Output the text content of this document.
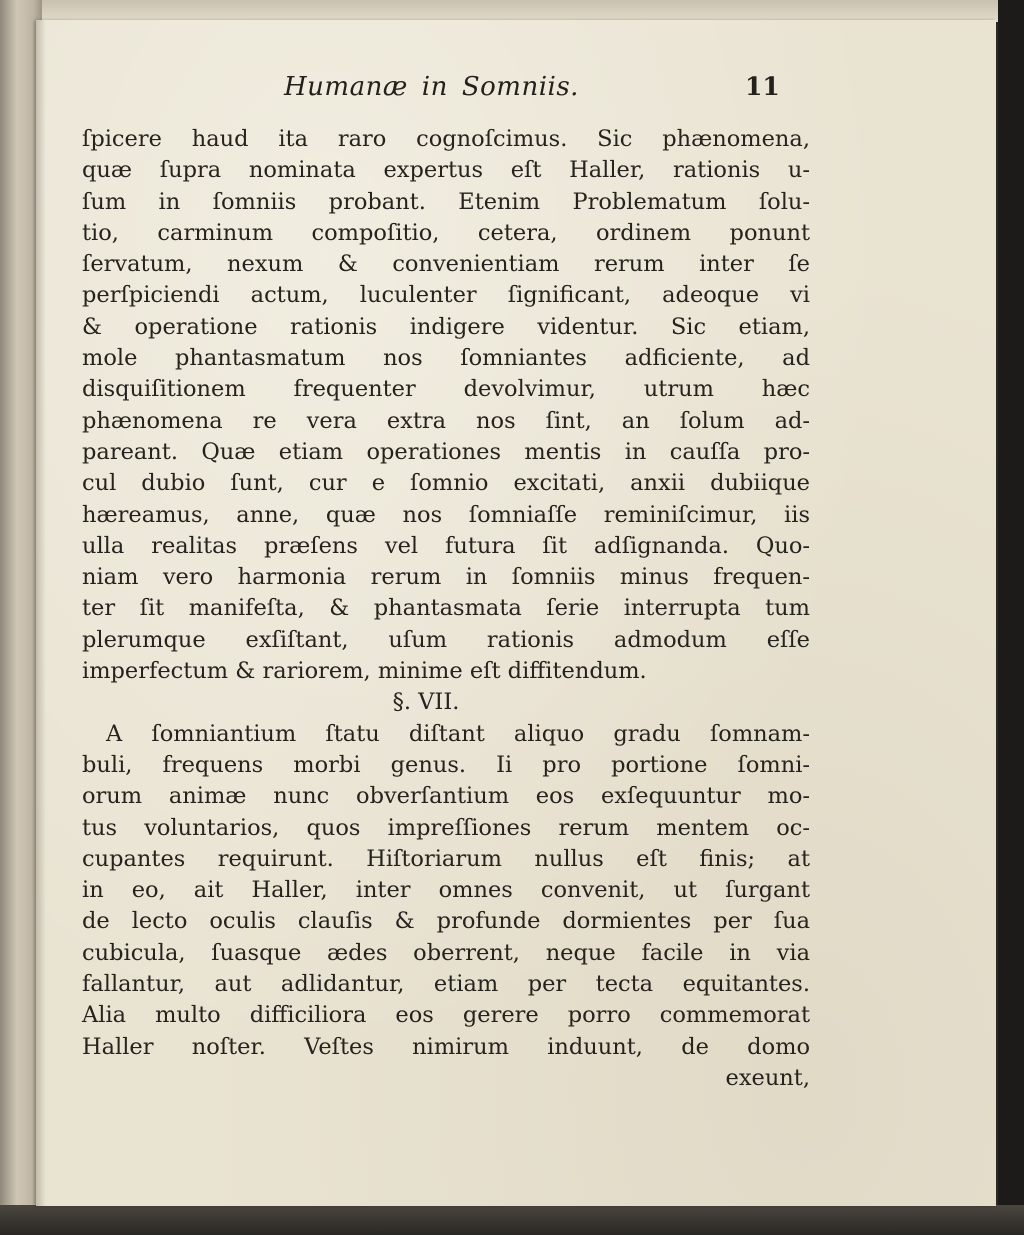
Humanæ in Somniis.	11
ſpicere haud ita raro cognoſcimus. Sic phænomena,
quæ ſupra nominata expertus eſt Haller, rationis u-
ſum in ſomniis probant. Etenim Problematum ſolu-
tio, carminum compoſitio, cetera, ordinem ponunt
ſervatum, nexum & convenientiam rerum inter ſe
perſpiciendi actum, luculenter ſignificant, adeoque vi
& operatione rationis indigere videntur. Sic etiam,
mole phantasmatum nos ſomniantes adficiente, ad
disquiſitionem frequenter devolvimur, utrum hæc
phænomena re vera extra nos ſint, an ſolum ad-
pareant. Quæ etiam operationes mentis in cauſſa pro-
cul dubio ſunt, cur e ſomnio excitati, anxii dubiique
hæreamus, anne, quæ nos ſomniaſſe reminiſcimur, iis
ulla realitas præſens vel futura ſit adſignanda. Quo-
niam vero harmonia rerum in ſomniis minus frequen-
ter ſit manifeſta, & phantasmata ſerie interrupta tum
plerumque exſiſtant, uſum rationis admodum eſſe
imperfectum & rariorem, minime eſt diffitendum.
§. VII.
A ſomniantium ſtatu diſtant aliquo gradu ſomnam-
buli, frequens morbi genus. Ii pro portione ſomni-
orum animæ nunc obverſantium eos exſequuntur mo-
tus voluntarios, quos impreſſiones rerum mentem oc-
cupantes requirunt. Hiſtoriarum nullus eſt finis; at
in eo, ait Haller, inter omnes convenit, ut ſurgant
de lecto oculis clauſis & profunde dormientes per ſua
cubicula, ſuasque ædes oberrent, neque facile in via
fallantur, aut adlidantur, etiam per tecta equitantes.
Alia multo difficiliora eos gerere porro commemorat
Haller noſter. Veſtes nimirum induunt, de domo
exeunt,
